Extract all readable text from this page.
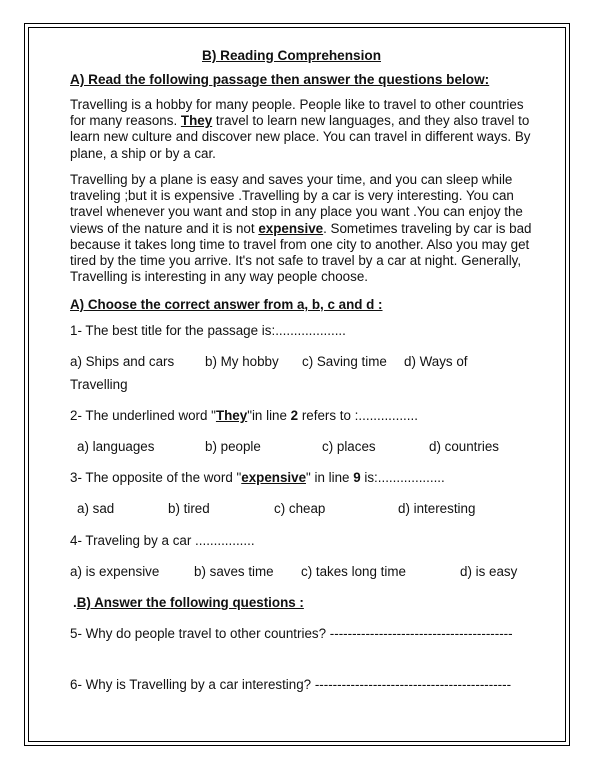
B) Reading Comprehension
A) Read the following passage then answer the questions below:

Travelling is a hobby for many people. People like to travel to other countries for many reasons. They travel to learn new languages, and they also travel to learn new culture and discover new place. You can travel in different ways. By plane, a ship or by a car.

Travelling by a plane is easy and saves your time, and you can sleep while traveling ;but it is expensive .Travelling by a car is very interesting. You can travel whenever you want and stop in any place you want .You can enjoy the views of the nature and it is not expensive. Sometimes traveling by car is bad because it takes long time to travel from one city to another. Also you may get tired by the time you arrive. It's not safe to travel by a car at night. Generally, Travelling is interesting in any way people choose.

A) Choose the correct answer from a, b, c and d :
1- The best title for the passage is:...................
a) Ships and cars b) My hobby c) Saving time d) Ways of
Travelling
2- The underlined word "They"in line 2 refers to :................
a) languages	b) people	c) places	d) countries
3- The opposite of the word "expensive" in line 9 is:..................
a) sad	b) tired	c) cheap	d) interesting
4- Traveling by a car ................
a) is expensive	b) saves time c) takes long time	d) is easy
.B) Answer the following questions :
5- Why do people travel to other countries? -----------------------------------------
6- Why is Travelling by a car interesting? --------------------------------------------
